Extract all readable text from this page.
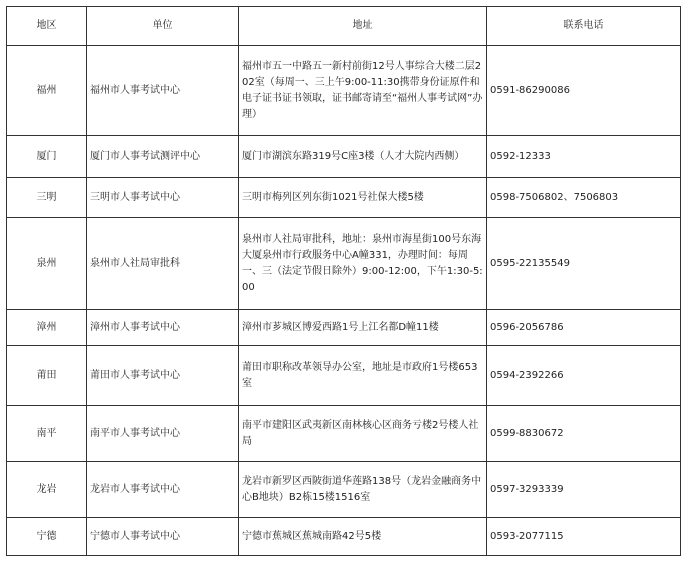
地区	单位	地址	联系电话
福州	福州市人事考试中心	福州市五一中路五一新村前街12号人事综合大楼二层202室（每周一、三上午9:00-11:30携带身份证原件和电子证书证书领取，证书邮寄请至“福州人事考试网”办理）	0591-86290086
厦门	厦门市人事考试测评中心	厦门市湖滨东路319号C座3楼（人才大院内西侧）	0592-12333
三明	三明市人事考试中心	三明市梅列区列东街1021号社保大楼5楼	0598-7506802、7506803
泉州	泉州市人社局审批科	泉州市人社局审批科，地址：泉州市海星街100号东海大厦泉州市行政服务中心A幢331，办理时间：每周一、三（法定节假日除外）9:00-12:00，下午1:30-5:00	0595-22135549
漳州	漳州市人事考试中心	漳州市芗城区博爱西路1号上江名都D幢11楼	0596-2056786
莆田	莆田市人事考试中心	莆田市职称改革领导办公室，地址是市政府1号楼653室	0594-2392266
南平	南平市人事考试中心	南平市建阳区武夷新区南林核心区商务亏楼2号楼人社局	0599-8830672
龙岩	龙岩市人事考试中心	龙岩市新罗区西陂街道华莲路138号（龙岩金融商务中心B地块）B2栋15楼1516室	0597-3293339
宁德	宁德市人事考试中心	宁德市蕉城区蕉城南路42号5楼	0593-2077115
